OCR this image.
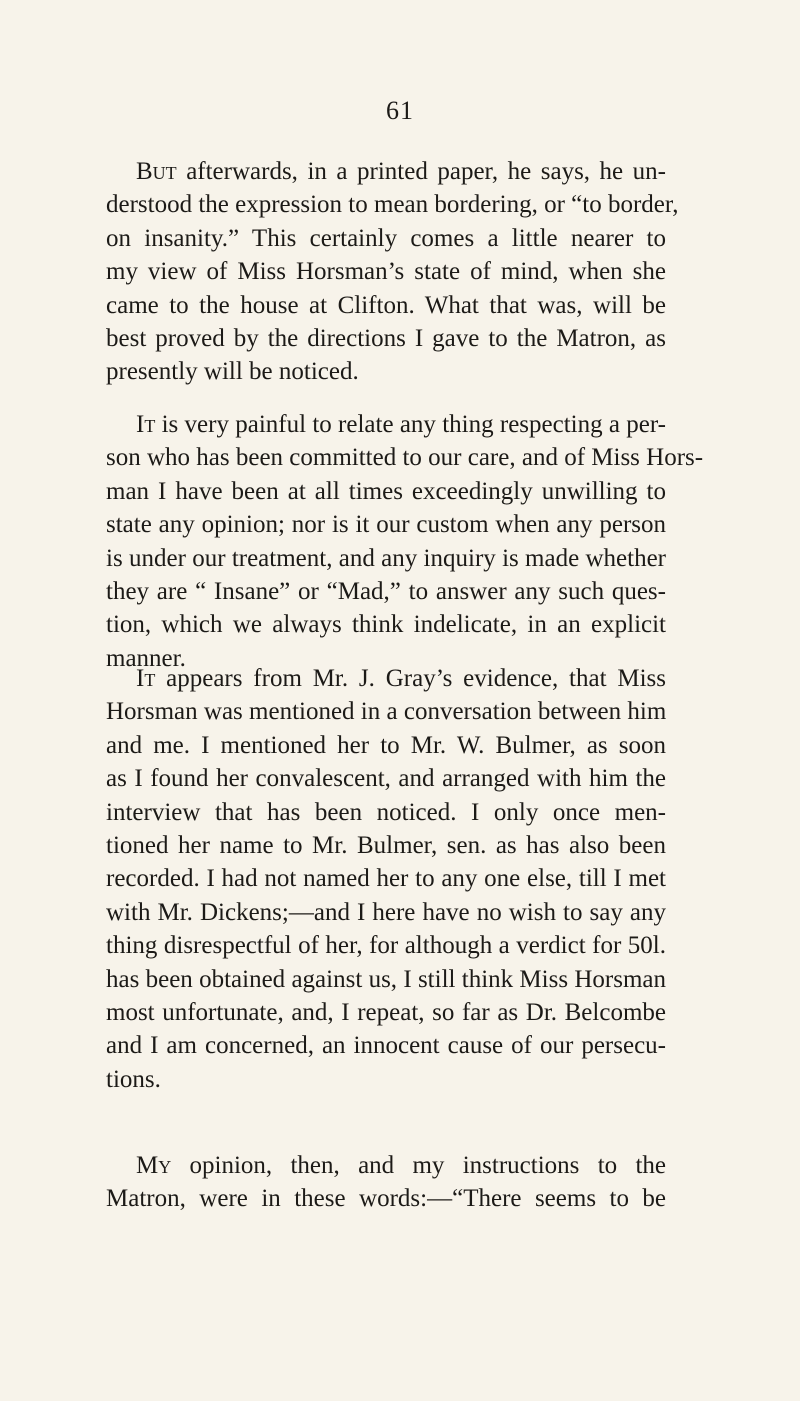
61
But afterwards, in a printed paper, he says, he un-
derstood the expression to mean bordering, or “to border,
on insanity.” This certainly comes a little nearer to
my view of Miss Horsman’s state of mind, when she
came to the house at Clifton. What that was, will be
best proved by the directions I gave to the Matron, as
presently will be noticed.
It is very painful to relate any thing respecting a per-
son who has been committed to our care, and of Miss Hors-
man I have been at all times exceedingly unwilling to
state any opinion; nor is it our custom when any person
is under our treatment, and any inquiry is made whether
they are “ Insane” or “Mad,” to answer any such ques-
tion, which we always think indelicate, in an explicit
manner.
It appears from Mr. J. Gray’s evidence, that Miss
Horsman was mentioned in a conversation between him
and me. I mentioned her to Mr. W. Bulmer, as soon
as I found her convalescent, and arranged with him the
interview that has been noticed. I only once men-
tioned her name to Mr. Bulmer, sen. as has also been
recorded. I had not named her to any one else, till I met
with Mr. Dickens;—and I here have no wish to say any
thing disrespectful of her, for although a verdict for 50l.
has been obtained against us, I still think Miss Horsman
most unfortunate, and, I repeat, so far as Dr. Belcombe
and I am concerned, an innocent cause of our persecu-
tions.
My opinion, then, and my instructions to the
Matron, were in these words:—“There seems to be
